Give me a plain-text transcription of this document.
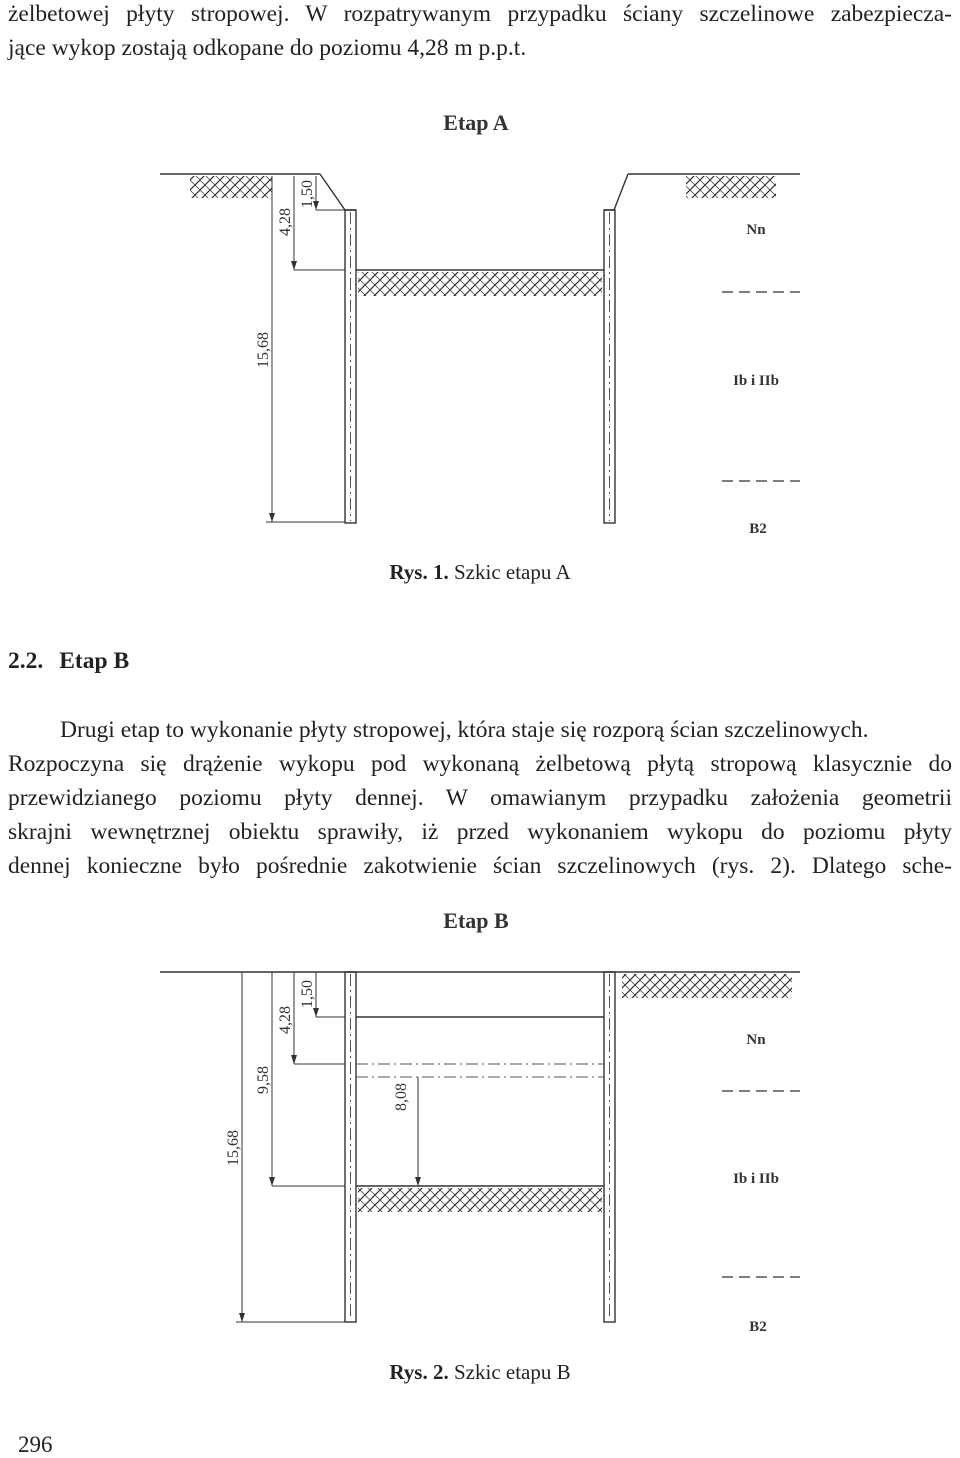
żelbetowej płyty stropowej. W rozpatrywanym przypadku ściany szczelinowe zabezpiecza-
jące wykop zostają odkopane do poziomu 4,28 m p.p.t.
Etap A
1,50
4,28
15,68
Nn
Ib i IIb
B2
Rys. 1. Szkic etapu A
2.2. Etap B
Drugi etap to wykonanie płyty stropowej, która staje się rozporą ścian szczelinowych.
Rozpoczyna się drążenie wykopu pod wykonaną żelbetową płytą stropową klasycznie do
przewidzianego poziomu płyty dennej. W omawianym przypadku założenia geometrii
skrajni wewnętrznej obiektu sprawiły, iż przed wykonaniem wykopu do poziomu płyty
dennej konieczne było pośrednie zakotwienie ścian szczelinowych (rys. 2). Dlatego sche-
Etap B
1,50
4,28
9,58
15,68
8,08
Nn
Ib i IIb
B2
Rys. 2. Szkic etapu B
296
